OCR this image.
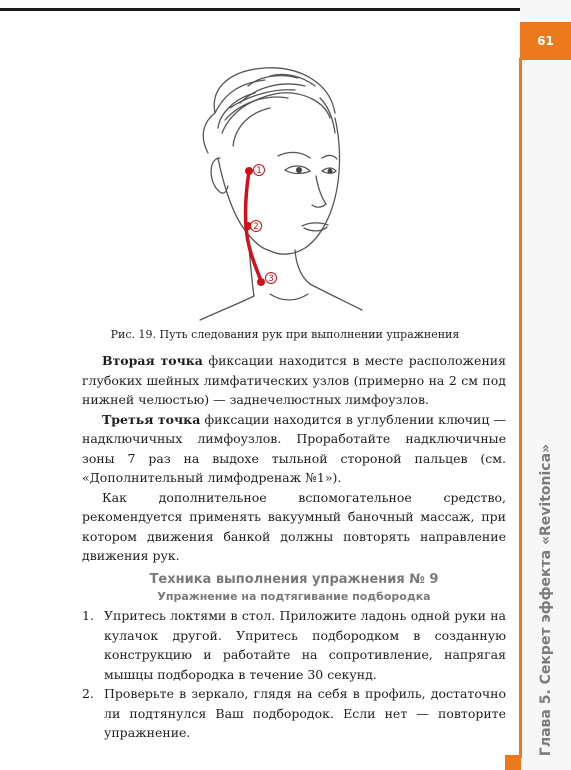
61
Глава 5. Секрет эффекта «Revitonica»
1
2
3
Рис. 19. Путь следования рук при выполнении упражнения

Вторая точка фиксации находится в месте расположения глубоких шейных лимфатических узлов (примерно на 2 см под нижней челюстью) — заднечелюстных лимфоузлов.

Третья точка фиксации находится в углублении ключиц — надключичных лимфоузлов. Проработайте надключичные зоны 7 раз на выдохе тыльной стороной пальцев (см. «Дополнительный лимфодренаж №1»).

Как дополнительное вспомогательное средство, рекомендуется применять вакуумный баночный массаж, при котором движения банкой должны повторять направление движения рук.

Техника выполнения упражнения № 9
Упражнение на подтягивание подбородка
1. Упритесь локтями в стол. Приложите ладонь одной руки на кулачок другой. Упритесь подбородком в созданную конструкцию и работайте на сопротивление, напрягая мышцы подбородка в течение 30 секунд.
2. Проверьте в зеркало, глядя на себя в профиль, достаточно ли подтянулся Ваш подбородок. Если нет — повторите упражнение.
